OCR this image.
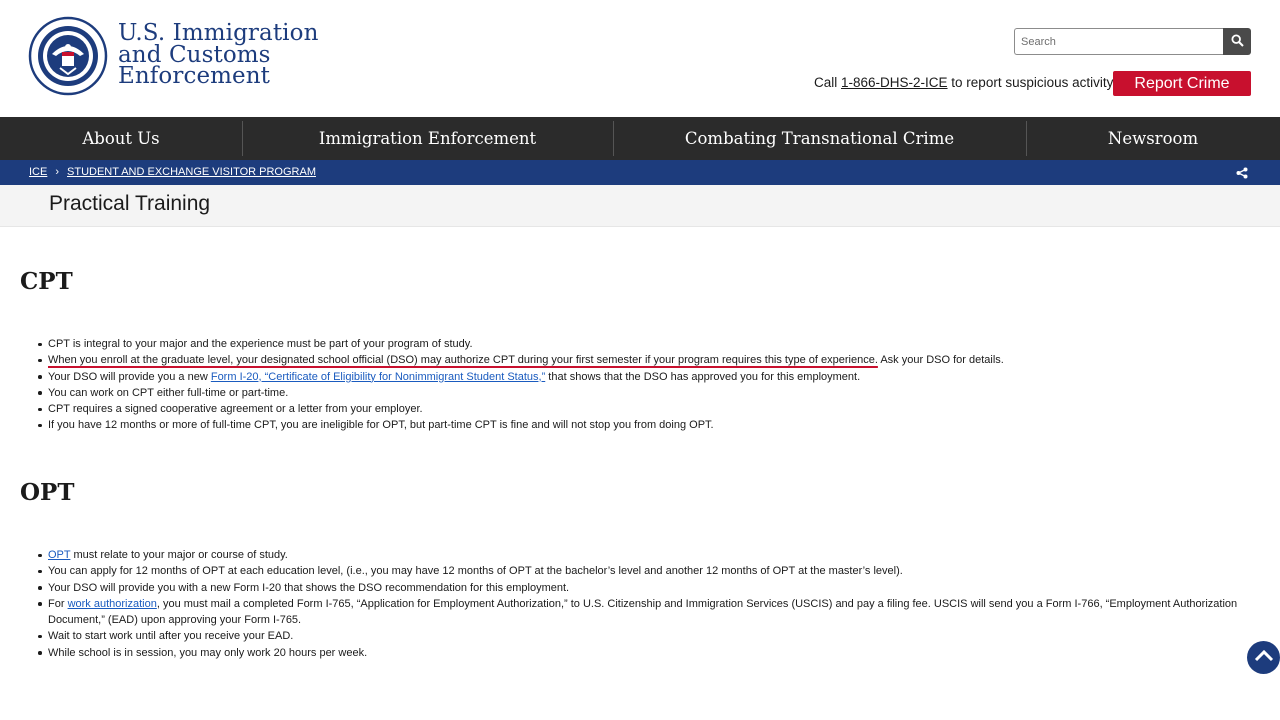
U.S. Immigration
and Customs
Enforcement
Search	Call 1-866-DHS-2-ICE to report suspicious activity	Report Crime
About Us	Immigration Enforcement	Combating Transnational Crime	Newsroom
ICE › STUDENT AND EXCHANGE VISITOR PROGRAM
Practical Training
CPT
CPT is integral to your major and the experience must be part of your program of study.
When you enroll at the graduate level, your designated school official (DSO) may authorize CPT during your first semester if your program requires this type of experience. Ask your DSO for details.
Your DSO will provide you a new Form I-20, “Certificate of Eligibility for Nonimmigrant Student Status,” that shows that the DSO has approved you for this employment.
You can work on CPT either full-time or part-time.
CPT requires a signed cooperative agreement or a letter from your employer.
If you have 12 months or more of full-time CPT, you are ineligible for OPT, but part-time CPT is fine and will not stop you from doing OPT.
OPT
OPT must relate to your major or course of study.
You can apply for 12 months of OPT at each education level, (i.e., you may have 12 months of OPT at the bachelor’s level and another 12 months of OPT at the master’s level).
Your DSO will provide you with a new Form I-20 that shows the DSO recommendation for this employment.
For work authorization, you must mail a completed Form I-765, “Application for Employment Authorization,” to U.S. Citizenship and Immigration Services (USCIS) and pay a filing fee. USCIS will send you a Form I-766, “Employment Authorization Document,” (EAD) upon approving your Form I-765.
Wait to start work until after you receive your EAD.
While school is in session, you may only work 20 hours per week.
